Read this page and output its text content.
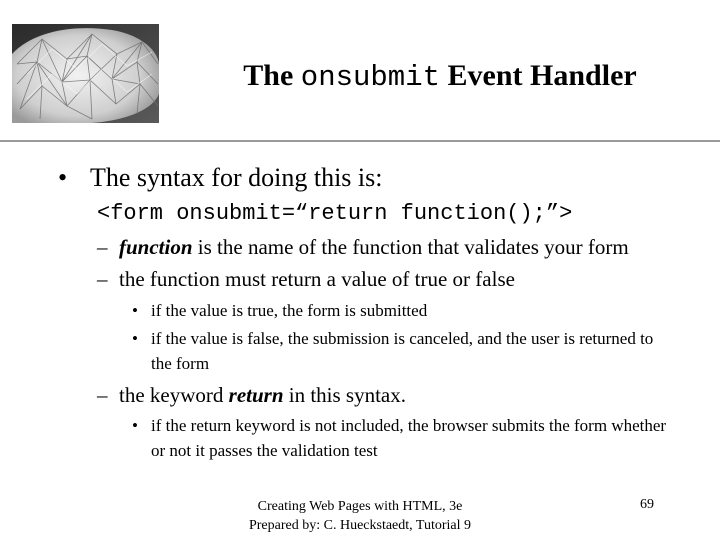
The onsubmit Event Handler
• The syntax for doing this is:
<form onsubmit=“return function();”>
– function is the name of the function that validates your form
– the function must return a value of true or false
• if the value is true, the form is submitted
• if the value is false, the submission is canceled, and the user is returned to the form
– the keyword return in this syntax.
• if the return keyword is not included, the browser submits the form whether or not it passes the validation test
Creating Web Pages with HTML, 3e
Prepared by: C. Hueckstaedt, Tutorial 9
69
